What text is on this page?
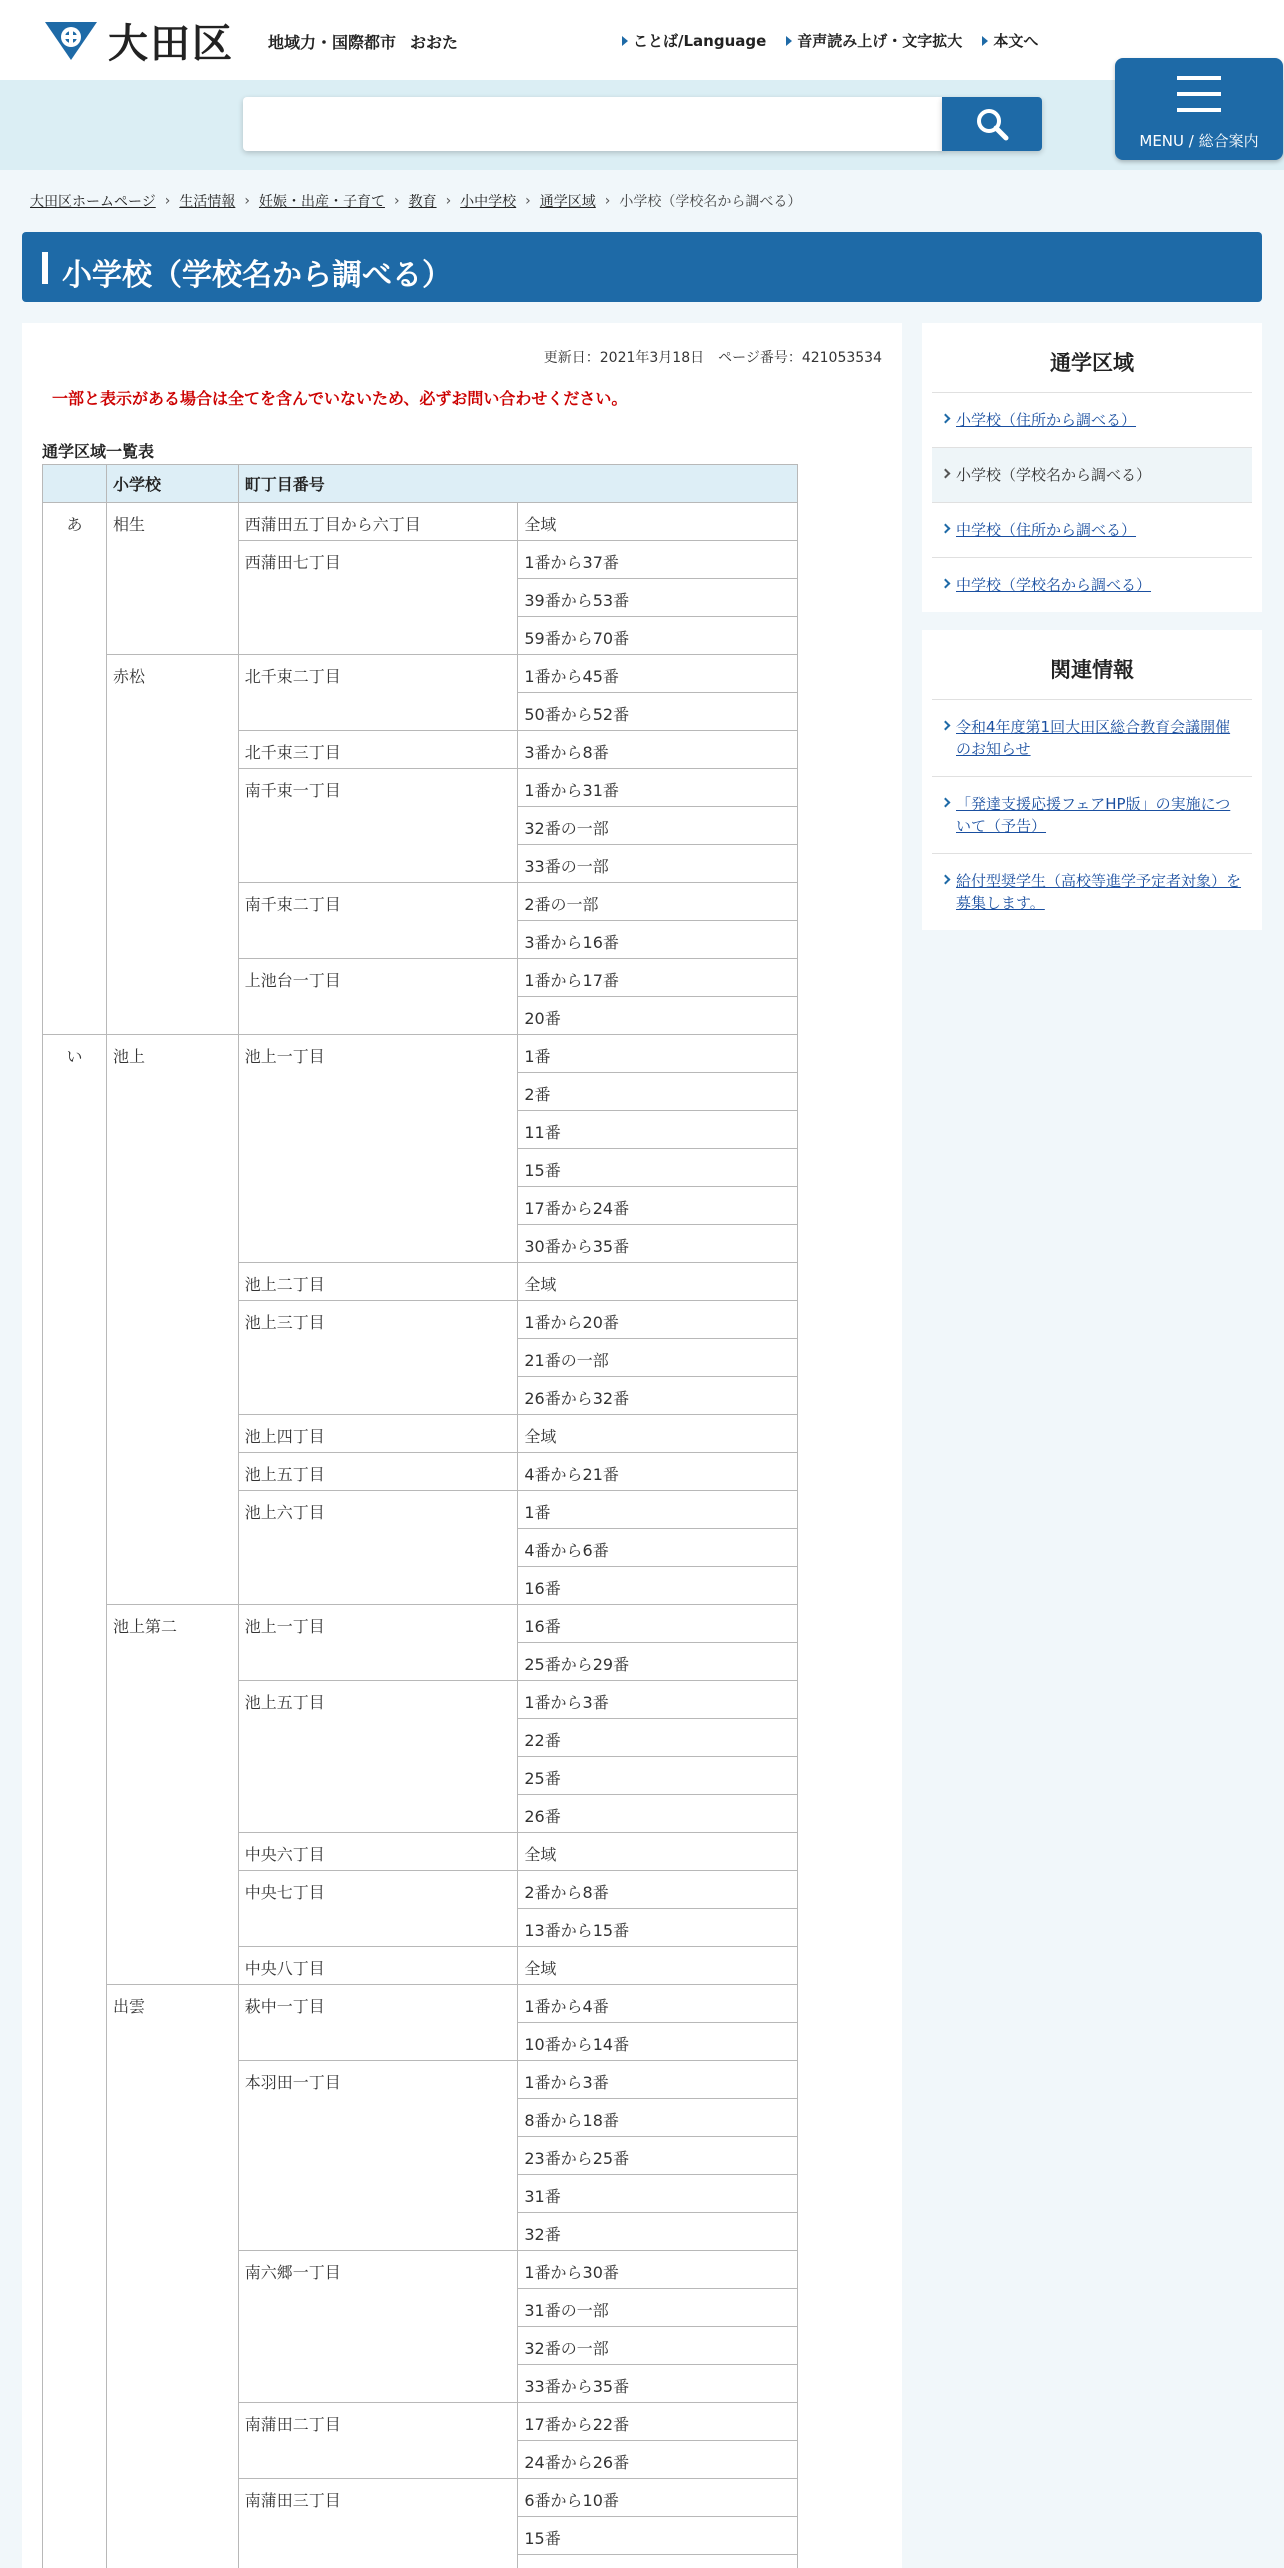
大田区 地域力・国際都市 おおた	ことば/Language 音声読み上げ・文字拡大 本文へ
MENU / 総合案内
大田区ホームページ › 生活情報 › 妊娠・出産・子育て › 教育 › 小中学校 › 通学区域 › 小学校（学校名から調べる）
小学校（学校名から調べる）
更新日：2021年3月18日　ページ番号：421053534
一部と表示がある場合は全てを含んでいないため、必ずお問い合わせください。
通学区域一覧表
	小学校	町丁目番号	
あ	相生	西蒲田五丁目から六丁目	全域
		西蒲田七丁目	1番から37番
			39番から53番
			59番から70番
	赤松	北千束二丁目	1番から45番
			50番から52番
		北千束三丁目	3番から8番
		南千束一丁目	1番から31番
			32番の一部
			33番の一部
		南千束二丁目	2番の一部
			3番から16番
		上池台一丁目	1番から17番
			20番
い	池上	池上一丁目	1番
			2番
			11番
			15番
			17番から24番
			30番から35番
		池上二丁目	全域
		池上三丁目	1番から20番
			21番の一部
			26番から32番
		池上四丁目	全域
		池上五丁目	4番から21番
		池上六丁目	1番
			4番から6番
			16番
	池上第二	池上一丁目	16番
			25番から29番
		池上五丁目	1番から3番
			22番
			25番
			26番
		中央六丁目	全域
		中央七丁目	2番から8番
			13番から15番
		中央八丁目	全域
	出雲	萩中一丁目	1番から4番
			10番から14番
		本羽田一丁目	1番から3番
			8番から18番
			23番から25番
			31番
			32番
		南六郷一丁目	1番から30番
			31番の一部
			32番の一部
			33番から35番
		南蒲田二丁目	17番から22番
			24番から26番
		南蒲田三丁目	6番から10番
			15番

通学区域
小学校（住所から調べる）
小学校（学校名から調べる）
中学校（住所から調べる）
中学校（学校名から調べる）
関連情報
令和4年度第1回大田区総合教育会議開催のお知らせ
「発達支援応援フェアHP版」の実施について（予告）
給付型奨学生（高校等進学予定者対象）を募集します。
